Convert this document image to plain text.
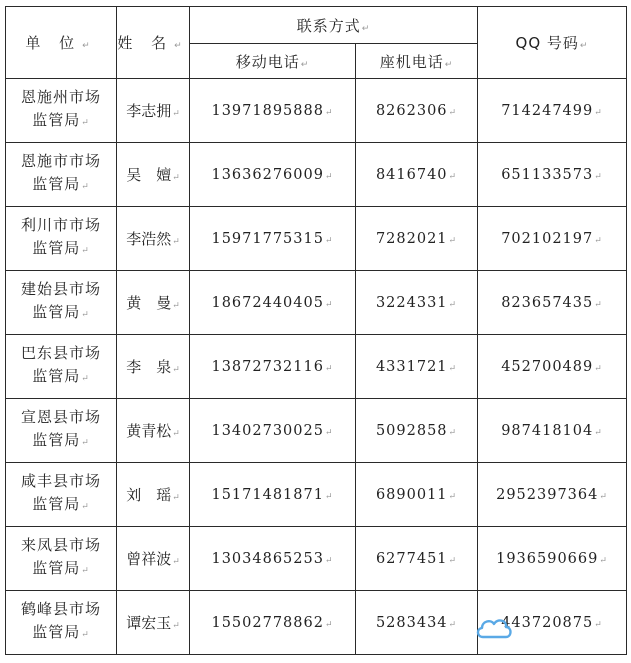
单 位↵	姓 名↵	联系方式↵		QQ 号码↵
		移动电话↵	座机电话↵	
恩施州市场
监管局↵	李志拥↵	13971895888↵	8262306↵	714247499↵
恩施市市场
监管局↵	吴　嬗↵	13636276009↵	8416740↵	651133573↵
利川市市场
监管局↵	李浩然↵	15971775315↵	7282021↵	702102197↵
建始县市场
监管局↵	黄　曼↵	18672440405↵	3224331↵	823657435↵
巴东县市场
监管局↵	李　泉↵	13872732116↵	4331721↵	452700489↵
宣恩县市场
监管局↵	黄青松↵	13402730025↵	5092858↵	987418104↵
咸丰县市场
监管局↵	刘　瑶↵	15171481871↵	6890011↵	2952397364↵
来凤县市场
监管局↵	曾祥波↵	13034865253↵	6277451↵	1936590669↵
鹤峰县市场
监管局↵	谭宏玉↵	15502778862↵	5283434↵	443720875↵
